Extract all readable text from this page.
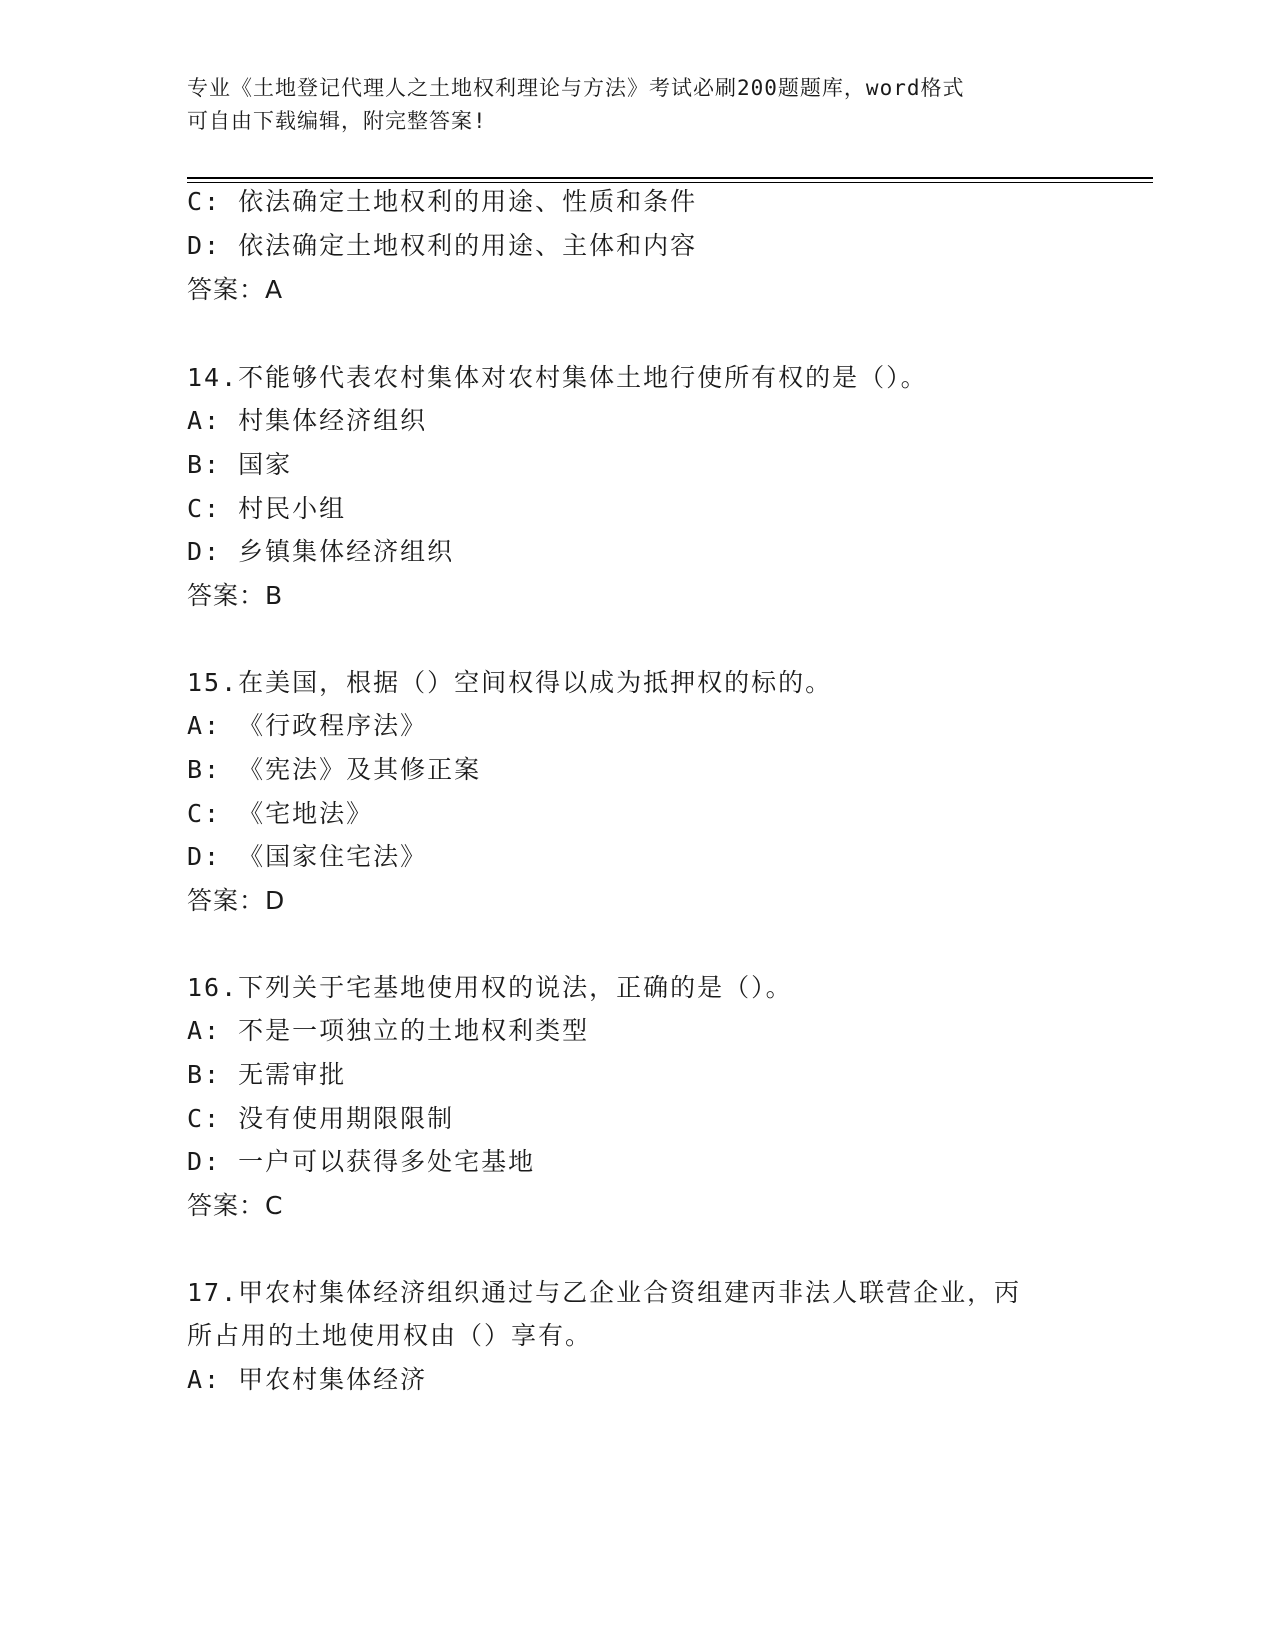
专业《土地登记代理人之土地权利理论与方法》考试必刷200题题库，word格式
可自由下载编辑，附完整答案!
C: 依法确定土地权利的用途、性质和条件
D: 依法确定土地权利的用途、主体和内容
答案：A
14.不能够代表农村集体对农村集体土地行使所有权的是（）。
A: 村集体经济组织
B: 国家
C: 村民小组
D: 乡镇集体经济组织
答案：B
15.在美国，根据（）空间权得以成为抵押权的标的。
A: 《行政程序法》
B: 《宪法》及其修正案
C: 《宅地法》
D: 《国家住宅法》
答案：D
16.下列关于宅基地使用权的说法，正确的是（）。
A: 不是一项独立的土地权利类型
B: 无需审批
C: 没有使用期限限制
D: 一户可以获得多处宅基地
答案：C
17.甲农村集体经济组织通过与乙企业合资组建丙非法人联营企业，丙
所占用的土地使用权由（）享有。
A: 甲农村集体经济
